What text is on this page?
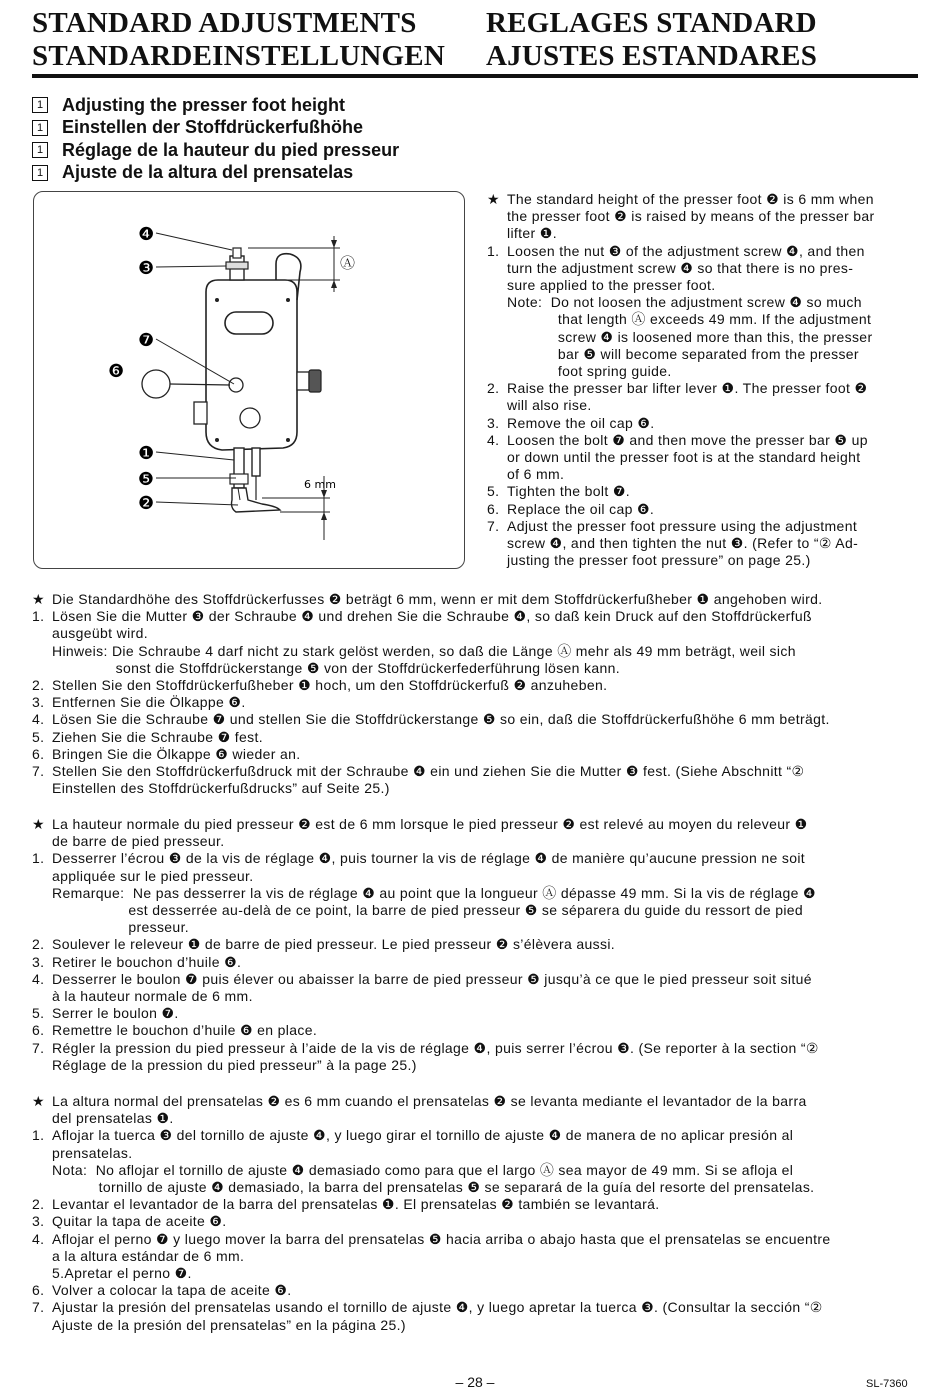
STANDARD ADJUSTMENTS
STANDARDEINSTELLUNGEN
REGLAGES STANDARD
AJUSTES ESTANDARES
1 Adjusting the presser foot height
1 Einstellen der Stoffdrückerfußhöhe
1 Réglage de la hauteur du pied presseur
1 Ajuste de la altura del prensatelas
Ⓐ
6 mm
❹
❸
❼
❻
❶
❺
❷
★ The standard height of the presser foot ❷ is 6 mm when
the presser foot ❷ is raised by means of the presser bar
lifter ❶.
1. Loosen the nut ❸ of the adjustment screw ❹, and then
turn the adjustment screw ❹ so that there is no pres-
sure applied to the presser foot.
Note:  Do not loosen the adjustment screw ❹ so much
that length Ⓐ exceeds 49 mm. If the adjustment
screw ❹ is loosened more than this, the presser
bar ❺ will become separated from the presser
foot spring guide.
2. Raise the presser bar lifter lever ❶. The presser foot ❷
will also rise.
3. Remove the oil cap ❻.
4. Loosen the bolt ❼ and then move the presser bar ❺ up
or down until the presser foot is at the standard height
of 6 mm.
5. Tighten the bolt ❼.
6. Replace the oil cap ❻.
7. Adjust the presser foot pressure using the adjustment
screw ❹, and then tighten the nut ❸. (Refer to “② Ad-
justing the presser foot pressure” on page 25.)
★ Die Standardhöhe des Stoffdrückerfusses ❷ beträgt 6 mm, wenn er mit dem Stoffdrückerfußheber ❶ angehoben wird.
1. Lösen Sie die Mutter ❸ der Schraube ❹ und drehen Sie die Schraube ❹, so daß kein Druck auf den Stoffdrückerfuß
ausgeübt wird.
Hinweis: Die Schraube 4 darf nicht zu stark gelöst werden, so daß die Länge Ⓐ mehr als 49 mm beträgt, weil sich
sonst die Stoffdrückerstange ❺ von der Stoffdrückerfederführung lösen kann.
2. Stellen Sie den Stoffdrückerfußheber ❶ hoch, um den Stoffdrückerfuß ❷ anzuheben.
3. Entfernen Sie die Ölkappe ❻.
4. Lösen Sie die Schraube ❼ und stellen Sie die Stoffdrückerstange ❺ so ein, daß die Stoffdrückerfußhöhe 6 mm beträgt.
5. Ziehen Sie die Schraube ❼ fest.
6. Bringen Sie die Ölkappe ❻ wieder an.
7. Stellen Sie den Stoffdrückerfußdruck mit der Schraube ❹ ein und ziehen Sie die Mutter ❸ fest. (Siehe Abschnitt “②
Einstellen des Stoffdrückerfußdrucks” auf Seite 25.)
★ La hauteur normale du pied presseur ❷ est de 6 mm lorsque le pied presseur ❷ est relevé au moyen du releveur ❶
de barre de pied presseur.
1. Desserrer l’écrou ❸ de la vis de réglage ❹, puis tourner la vis de réglage ❹ de manière qu’aucune pression ne soit
appliquée sur le pied presseur.
Remarque:  Ne pas desserrer la vis de réglage ❹ au point que la longueur Ⓐ dépasse 49 mm. Si la vis de réglage ❹
est desserrée au-delà de ce point, la barre de pied presseur ❺ se séparera du guide du ressort de pied
presseur.
2. Soulever le releveur ❶ de barre de pied presseur. Le pied presseur ❷ s’élèvera aussi.
3. Retirer le bouchon d’huile ❻.
4. Desserrer le boulon ❼ puis élever ou abaisser la barre de pied presseur ❺ jusqu’à ce que le pied presseur soit situé
à la hauteur normale de 6 mm.
5. Serrer le boulon ❼.
6. Remettre le bouchon d’huile ❻ en place.
7. Régler la pression du pied presseur à l’aide de la vis de réglage ❹, puis serrer l’écrou ❸. (Se reporter à la section “②
Réglage de la pression du pied presseur” à la page 25.)
★ La altura normal del prensatelas ❷ es 6 mm cuando el prensatelas ❷ se levanta mediante el levantador de la barra
del prensatelas ❶.
1. Aflojar la tuerca ❸ del tornillo de ajuste ❹, y luego girar el tornillo de ajuste ❹ de manera de no aplicar presión al
prensatelas.
Nota:  No aflojar el tornillo de ajuste ❹ demasiado como para que el largo Ⓐ sea mayor de 49 mm. Si se afloja el
tornillo de ajuste ❹ demasiado, la barra del prensatelas ❺ se separará de la guía del resorte del prensatelas.
2. Levantar el levantador de la barra del prensatelas ❶. El prensatelas ❷ también se levantará.
3. Quitar la tapa de aceite ❻.
4. Aflojar el perno ❼ y luego mover la barra del prensatelas ❺ hacia arriba o abajo hasta que el prensatelas se encuentre
a la altura estándar de 6 mm.
5.Apretar el perno ❼.
6. Volver a colocar la tapa de aceite ❻.
7. Ajustar la presión del prensatelas usando el tornillo de ajuste ❹, y luego apretar la tuerca ❸. (Consultar la sección “②
Ajuste de la presión del prensatelas” en la página 25.)
– 28 –	SL-7360
